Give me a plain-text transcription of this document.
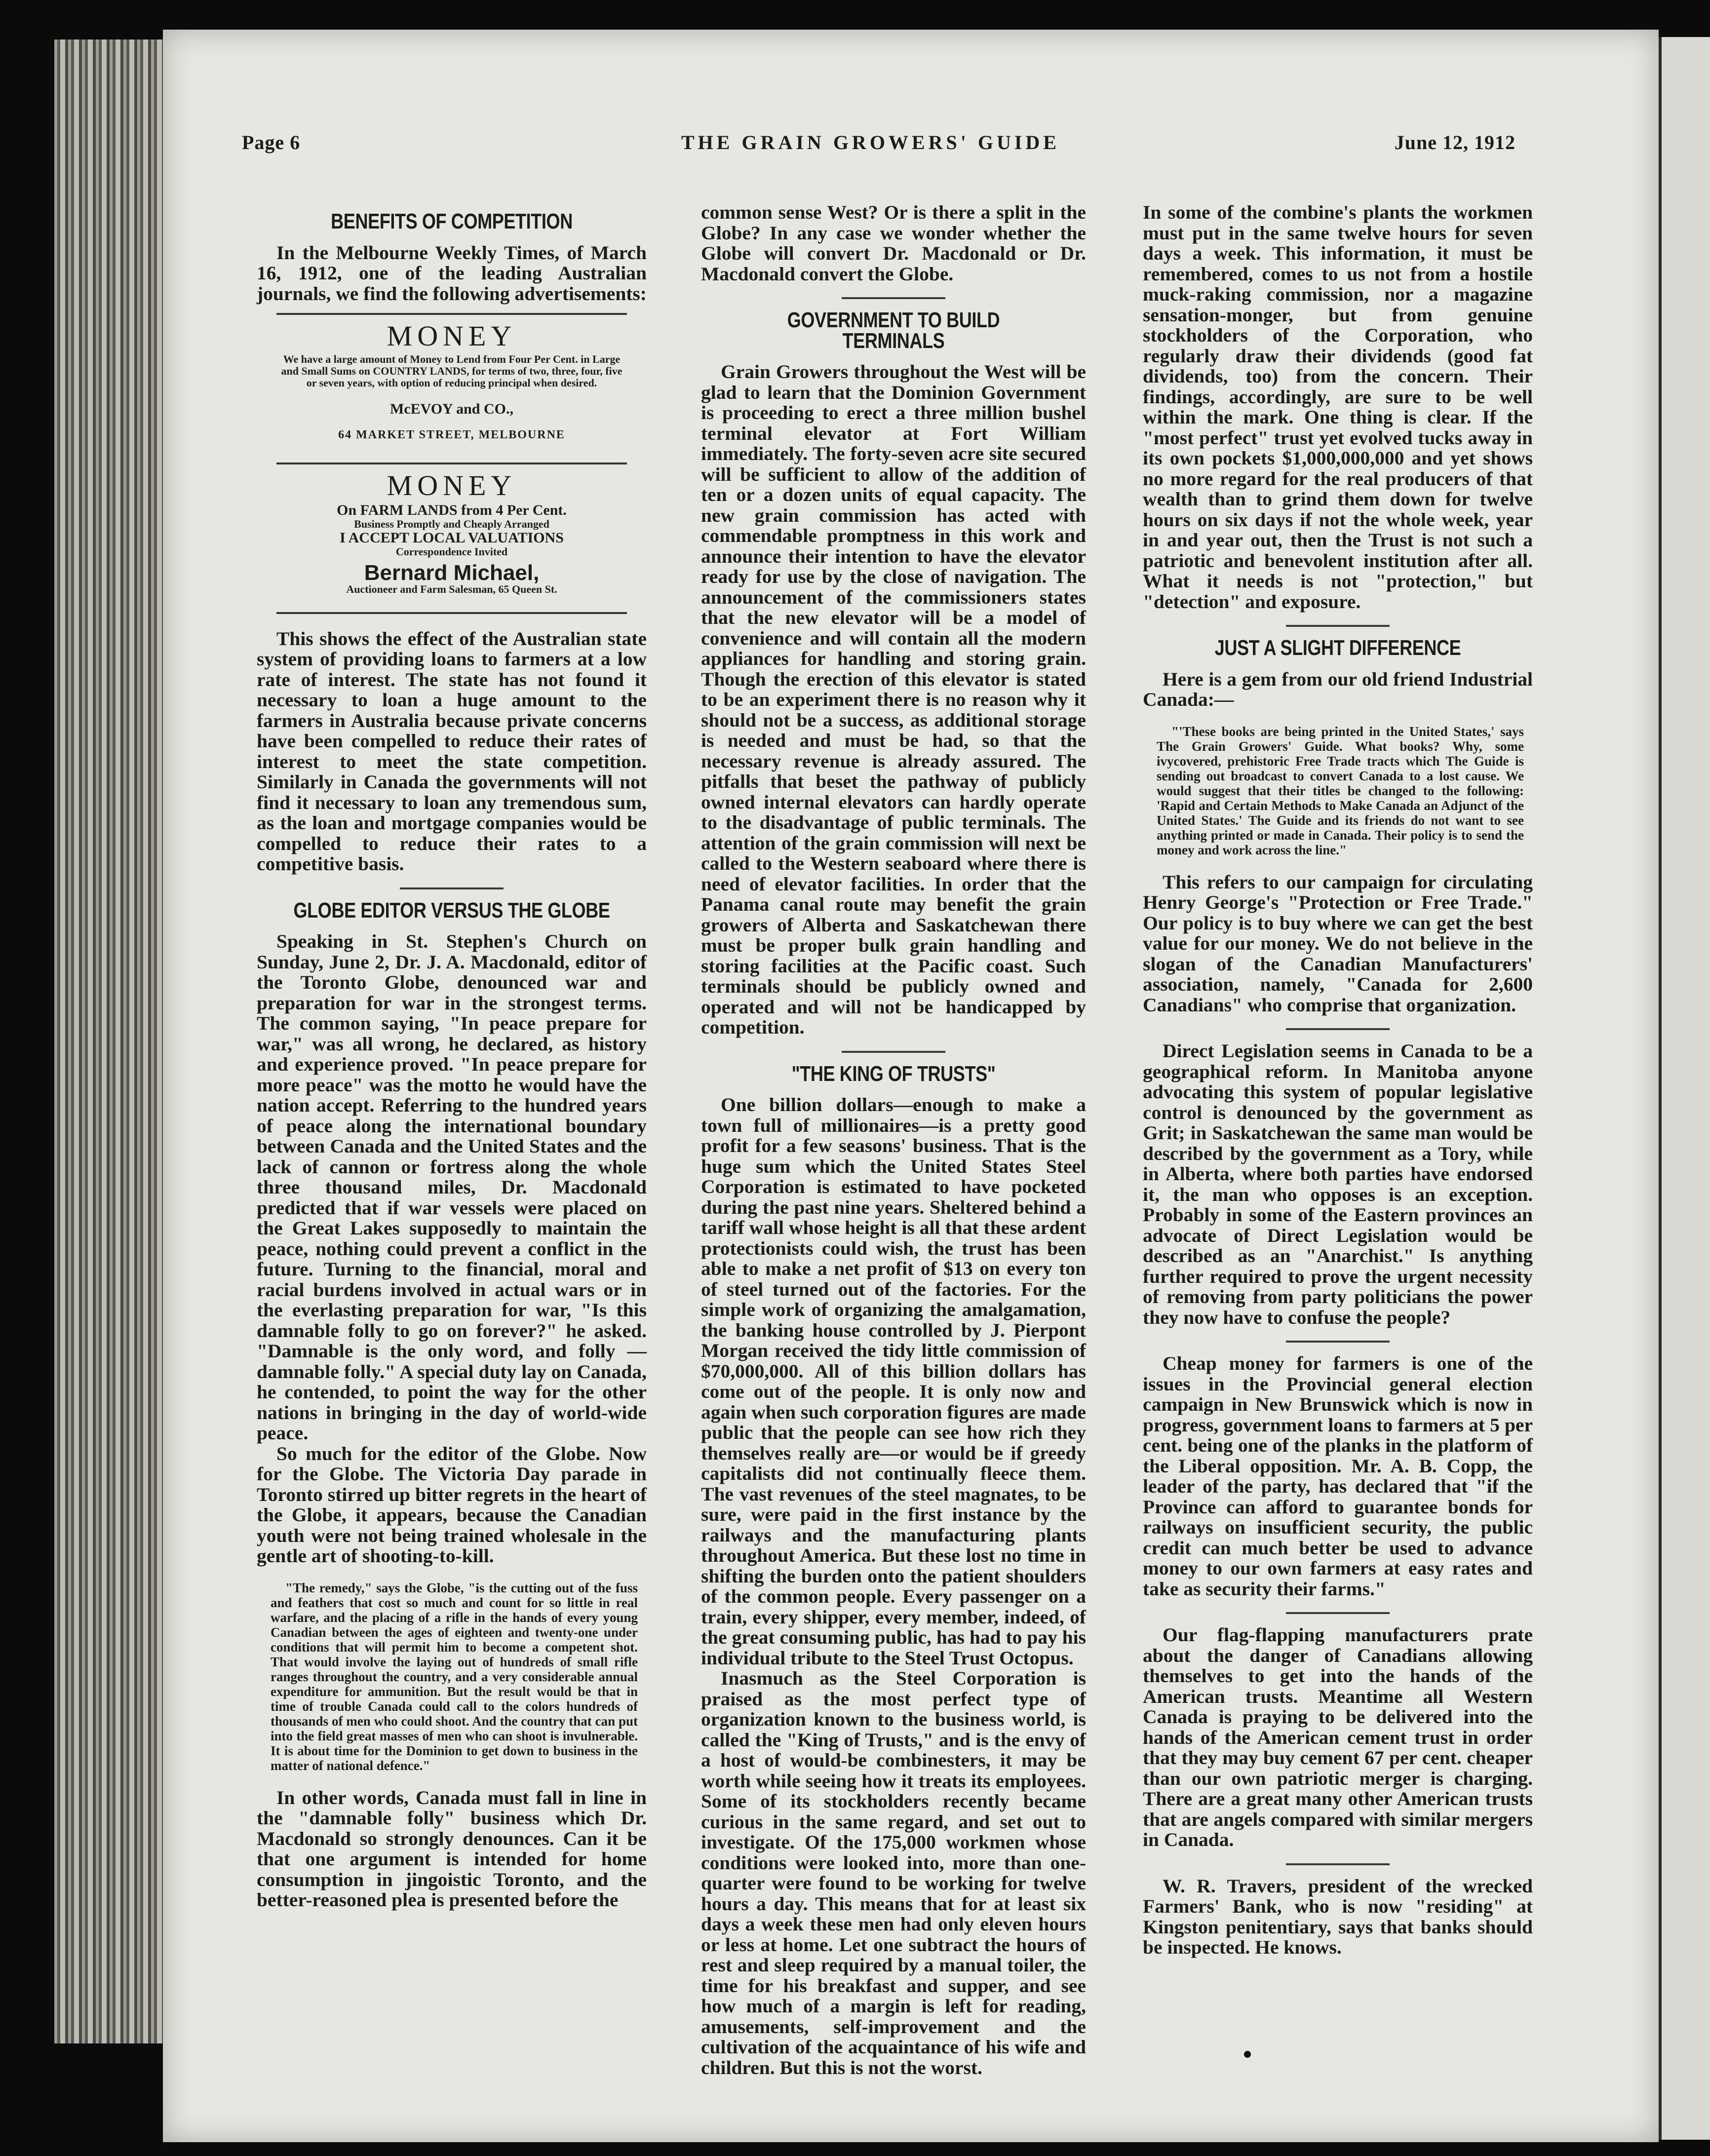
Page 6	THE GRAIN GROWERS' GUIDE	June 12, 1912
BENEFITS OF COMPETITION

In the Melbourne Weekly Times, of March 16, 1912, one of the leading Australian journals, we find the following advertisements:

MONEY
We have a large amount of Money to Lend from Four Per Cent. in Large and Small Sums on COUNTRY LANDS, for terms of two, three, four, five or seven years, with option of reducing principal when desired.
McEVOY and CO.,
64 MARKET STREET, MELBOURNE
MONEY
On FARM LANDS from 4 Per Cent.
Business Promptly and Cheaply Arranged
I ACCEPT LOCAL VALUATIONS
Correspondence Invited
Bernard Michael,
Auctioneer and Farm Salesman, 65 Queen St.

This shows the effect of the Australian state system of providing loans to farmers at a low rate of interest. The state has not found it necessary to loan a huge amount to the farmers in Australia because private concerns have been compelled to reduce their rates of interest to meet the state competition. Similarly in Canada the governments will not find it necessary to loan any tremendous sum, as the loan and mortgage companies would be compelled to reduce their rates to a competitive basis.

GLOBE EDITOR VERSUS THE GLOBE

Speaking in St. Stephen's Church on Sunday, June 2, Dr. J. A. Macdonald, editor of the Toronto Globe, denounced war and preparation for war in the strongest terms. The common saying, "In peace prepare for war," was all wrong, he declared, as history and experience proved. "In peace prepare for more peace" was the motto he would have the nation accept. Referring to the hundred years of peace along the international boundary between Canada and the United States and the lack of cannon or fortress along the whole three thousand miles, Dr. Macdonald predicted that if war vessels were placed on the Great Lakes supposedly to maintain the peace, nothing could prevent a conflict in the future. Turning to the financial, moral and racial burdens involved in actual wars or in the everlasting preparation for war, "Is this damnable folly to go on forever?" he asked. "Damnable is the only word, and folly —damnable folly." A special duty lay on Canada, he contended, to point the way for the other nations in bringing in the day of world-wide peace.

So much for the editor of the Globe. Now for the Globe. The Victoria Day parade in Toronto stirred up bitter regrets in the heart of the Globe, it appears, because the Canadian youth were not being trained wholesale in the gentle art of shooting-to-kill.

"The remedy," says the Globe, "is the cutting out of the fuss and feathers that cost so much and count for so little in real warfare, and the placing of a rifle in the hands of every young Canadian between the ages of eighteen and twenty-one under conditions that will permit him to become a competent shot. That would involve the laying out of hundreds of small rifle ranges throughout the country, and a very considerable annual expenditure for ammunition. But the result would be that in time of trouble Canada could call to the colors hundreds of thousands of men who could shoot. And the country that can put into the field great masses of men who can shoot is invulnerable. It is about time for the Dominion to get down to business in the matter of national defence."

In other words, Canada must fall in line in the "damnable folly" business which Dr. Macdonald so strongly denounces. Can it be that one argument is intended for home consumption in jingoistic Toronto, and the better-reasoned plea is presented before the

common sense West? Or is there a split in the Globe? In any case we wonder whether the Globe will convert Dr. Macdonald or Dr. Macdonald convert the Globe.

GOVERNMENT TO BUILD TERMINALS

Grain Growers throughout the West will be glad to learn that the Dominion Government is proceeding to erect a three million bushel terminal elevator at Fort William immediately. The forty-seven acre site secured will be sufficient to allow of the addition of ten or a dozen units of equal capacity. The new grain commission has acted with commendable promptness in this work and announce their intention to have the elevator ready for use by the close of navigation. The announcement of the commissioners states that the new elevator will be a model of convenience and will contain all the modern appliances for handling and storing grain. Though the erection of this elevator is stated to be an experiment there is no reason why it should not be a success, as additional storage is needed and must be had, so that the necessary revenue is already assured. The pitfalls that beset the pathway of publicly owned internal elevators can hardly operate to the disadvantage of public terminals. The attention of the grain commission will next be called to the Western seaboard where there is need of elevator facilities. In order that the Panama canal route may benefit the grain growers of Alberta and Saskatchewan there must be proper bulk grain handling and storing facilities at the Pacific coast. Such terminals should be publicly owned and operated and will not be handicapped by competition.

"THE KING OF TRUSTS"

One billion dollars—enough to make a town full of millionaires—is a pretty good profit for a few seasons' business. That is the huge sum which the United States Steel Corporation is estimated to have pocketed during the past nine years. Sheltered behind a tariff wall whose height is all that these ardent protectionists could wish, the trust has been able to make a net profit of $13 on every ton of steel turned out of the factories. For the simple work of organizing the amalgamation, the banking house controlled by J. Pierpont Morgan received the tidy little commission of $70,000,000. All of this billion dollars has come out of the people. It is only now and again when such corporation figures are made public that the people can see how rich they themselves really are—or would be if greedy capitalists did not continually fleece them. The vast revenues of the steel magnates, to be sure, were paid in the first instance by the railways and the manufacturing plants throughout America. But these lost no time in shifting the burden onto the patient shoulders of the common people. Every passenger on a train, every shipper, every member, indeed, of the great consuming public, has had to pay his individual tribute to the Steel Trust Octopus.

Inasmuch as the Steel Corporation is praised as the most perfect type of organization known to the business world, is called the "King of Trusts," and is the envy of a host of would-be combinesters, it may be worth while seeing how it treats its employees. Some of its stockholders recently became curious in the same regard, and set out to investigate. Of the 175,000 workmen whose conditions were looked into, more than one-quarter were found to be working for twelve hours a day. This means that for at least six days a week these men had only eleven hours or less at home. Let one subtract the hours of rest and sleep required by a manual toiler, the time for his breakfast and supper, and see how much of a margin is left for reading, amusements, self-improvement and the cultivation of the acquaintance of his wife and children. But this is not the worst.

In some of the combine's plants the workmen must put in the same twelve hours for seven days a week. This information, it must be remembered, comes to us not from a hostile muck-raking commission, nor a magazine sensation-monger, but from genuine stockholders of the Corporation, who regularly draw their dividends (good fat dividends, too) from the concern. Their findings, accordingly, are sure to be well within the mark. One thing is clear. If the "most perfect" trust yet evolved tucks away in its own pockets $1,000,000,000 and yet shows no more regard for the real producers of that wealth than to grind them down for twelve hours on six days if not the whole week, year in and year out, then the Trust is not such a patriotic and benevolent institution after all. What it needs is not "protection," but "detection" and exposure.

JUST A SLIGHT DIFFERENCE

Here is a gem from our old friend Industrial Canada:—

"'These books are being printed in the United States,' says The Grain Growers' Guide. What books? Why, some ivycovered, prehistoric Free Trade tracts which The Guide is sending out broadcast to convert Canada to a lost cause. We would suggest that their titles be changed to the following: 'Rapid and Certain Methods to Make Canada an Adjunct of the United States.' The Guide and its friends do not want to see anything printed or made in Canada. Their policy is to send the money and work across the line."

This refers to our campaign for circulating Henry George's "Protection or Free Trade." Our policy is to buy where we can get the best value for our money. We do not believe in the slogan of the Canadian Manufacturers' association, namely, "Canada for 2,600 Canadians" who comprise that organization.

Direct Legislation seems in Canada to be a geographical reform. In Manitoba anyone advocating this system of popular legislative control is denounced by the government as Grit; in Saskatchewan the same man would be described by the government as a Tory, while in Alberta, where both parties have endorsed it, the man who opposes is an exception. Probably in some of the Eastern provinces an advocate of Direct Legislation would be described as an "Anarchist." Is anything further required to prove the urgent necessity of removing from party politicians the power they now have to confuse the people?

Cheap money for farmers is one of the issues in the Provincial general election campaign in New Brunswick which is now in progress, government loans to farmers at 5 per cent. being one of the planks in the platform of the Liberal opposition. Mr. A. B. Copp, the leader of the party, has declared that "if the Province can afford to guarantee bonds for railways on insufficient security, the public credit can much better be used to advance money to our own farmers at easy rates and take as security their farms."

Our flag-flapping manufacturers prate about the danger of Canadians allowing themselves to get into the hands of the American trusts. Meantime all Western Canada is praying to be delivered into the hands of the American cement trust in order that they may buy cement 67 per cent. cheaper than our own patriotic merger is charging. There are a great many other American trusts that are angels compared with similar mergers in Canada.

W. R. Travers, president of the wrecked Farmers' Bank, who is now "residing" at Kingston penitentiary, says that banks should be inspected. He knows.
